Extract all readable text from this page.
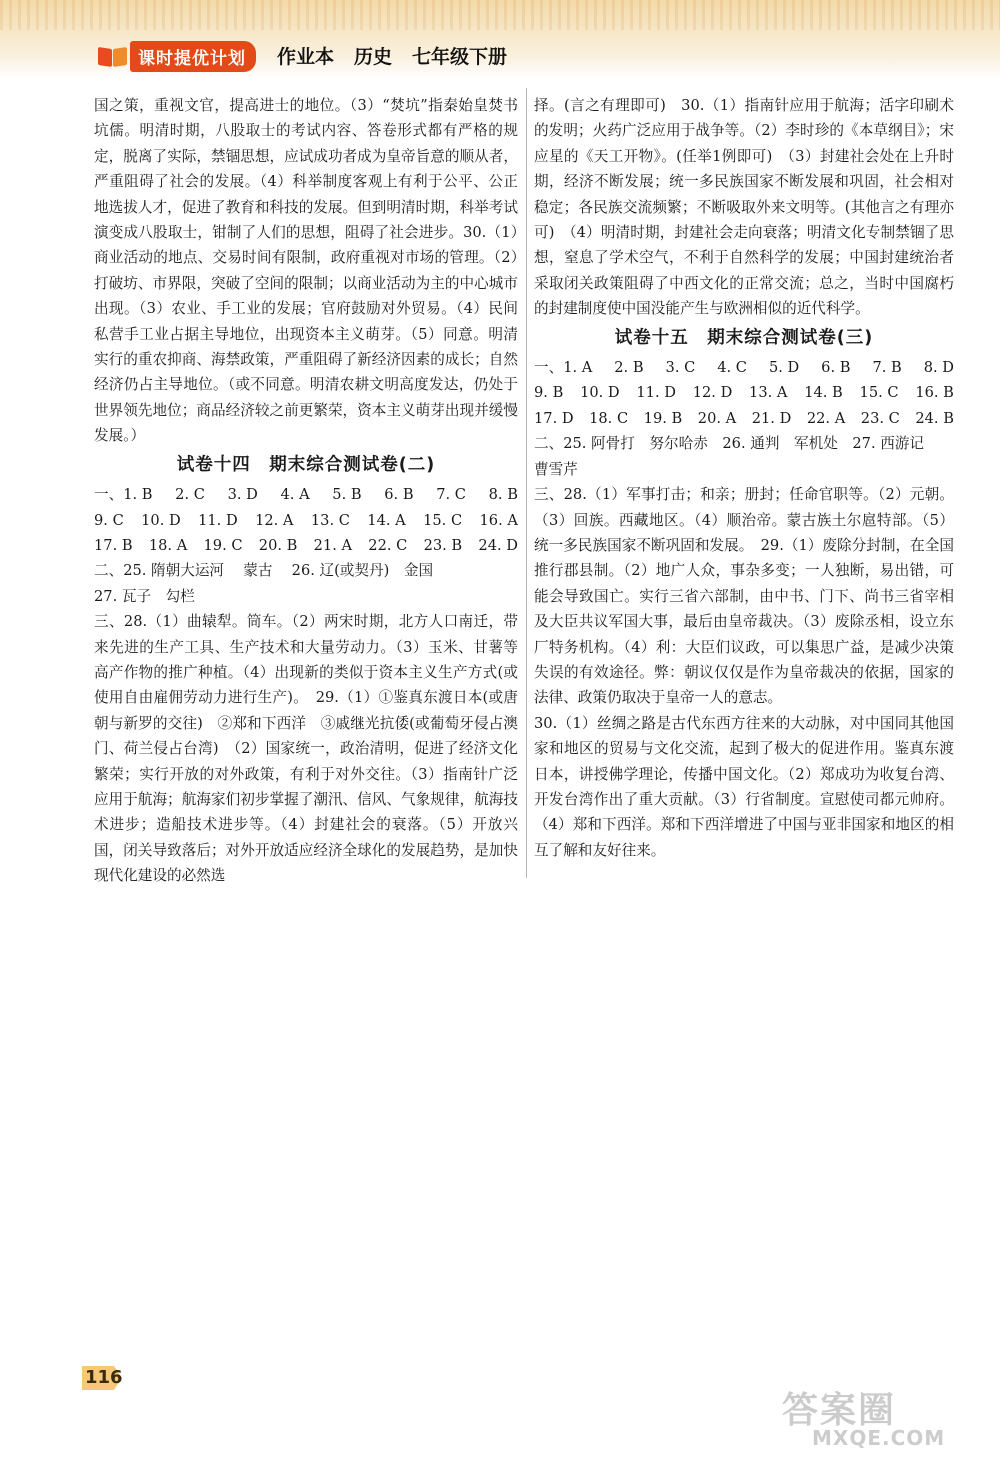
课时提优计划	作业本 历史 七年级下册

国之策，重视文官，提高进士的地位。（3）“焚坑”指秦始皇焚书坑儒。明清时期，八股取士的考试内容、答卷形式都有严格的规定，脱离了实际，禁锢思想，应试成功者成为皇帝旨意的顺从者，严重阻碍了社会的发展。（4）科举制度客观上有利于公平、公正地选拔人才，促进了教育和科技的发展。但到明清时期，科举考试演变成八股取士，钳制了人们的思想，阻碍了社会进步。30.（1）商业活动的地点、交易时间有限制，政府重视对市场的管理。（2）打破坊、市界限，突破了空间的限制；以商业活动为主的中心城市出现。（3）农业、手工业的发展；官府鼓励对外贸易。（4）民间私营手工业占据主导地位，出现资本主义萌芽。（5）同意。明清实行的重农抑商、海禁政策，严重阻碍了新经济因素的成长；自然经济仍占主导地位。（或不同意。明清农耕文明高度发达，仍处于世界领先地位；商品经济较之前更繁荣，资本主义萌芽出现并缓慢发展。）

试卷十四　期末综合测试卷(二)
一、1. B 2. C 3. D 4. A 5. B 6. B 7. C 8. B
9. C 10. D 11. D 12. A 13. C 14. A 15. C 16. A
17. B 18. A 19. C 20. B 21. A 22. C 23. B 24. D
二、25. 隋朝大运河　 蒙古　 26. 辽(或契丹)　金国
27. 瓦子　勾栏

三、28.（1）曲辕犁。筒车。（2）两宋时期，北方人口南迁，带来先进的生产工具、生产技术和大量劳动力。（3）玉米、甘薯等高产作物的推广种植。（4）出现新的类似于资本主义生产方式(或使用自由雇佣劳动力进行生产)。　29.（1）①鉴真东渡日本(或唐朝与新罗的交往)　②郑和下西洋　③戚继光抗倭(或葡萄牙侵占澳门、荷兰侵占台湾)　（2）国家统一，政治清明，促进了经济文化繁荣；实行开放的对外政策，有利于对外交往。（3）指南针广泛应用于航海；航海家们初步掌握了潮汛、信风、气象规律，航海技术进步；造船技术进步等。（4）封建社会的衰落。（5）开放兴国，闭关导致落后；对外开放适应经济全球化的发展趋势，是加快现代化建设的必然选

择。(言之有理即可)　30.（1）指南针应用于航海；活字印刷术的发明；火药广泛应用于战争等。（2）李时珍的《本草纲目》；宋应星的《天工开物》。(任举1例即可)　（3）封建社会处在上升时期，经济不断发展；统一多民族国家不断发展和巩固，社会相对稳定；各民族交流频繁；不断吸取外来文明等。(其他言之有理亦可)　（4）明清时期，封建社会走向衰落；明清文化专制禁锢了思想，窒息了学术空气，不利于自然科学的发展；中国封建统治者采取闭关政策阻碍了中西文化的正常交流；总之，当时中国腐朽的封建制度使中国没能产生与欧洲相似的近代科学。

试卷十五　期末综合测试卷(三)
一、1. A 2. B 3. C 4. C 5. D 6. B 7. B 8. D
9. B 10. D 11. D 12. D 13. A 14. B 15. C 16. B
17. D 18. C 19. B 20. A 21. D 22. A 23. C 24. B
二、25. 阿骨打　努尔哈赤　26. 通判　军机处　27. 西游记
曹雪芹

三、28.（1）军事打击；和亲；册封；任命官职等。（2）元朝。（3）回族。西藏地区。（4）顺治帝。蒙古族土尔扈特部。（5）统一多民族国家不断巩固和发展。　29.（1）废除分封制，在全国推行郡县制。（2）地广人众，事杂多变；一人独断，易出错，可能会导致国亡。实行三省六部制，由中书、门下、尚书三省宰相及大臣共议军国大事，最后由皇帝裁决。（3）废除丞相，设立东厂特务机构。（4）利：大臣们议政，可以集思广益，是减少决策失误的有效途径。弊：朝议仅仅是作为皇帝裁决的依据，国家的法律、政策仍取决于皇帝一人的意志。

30.（1）丝绸之路是古代东西方往来的大动脉，对中国同其他国家和地区的贸易与文化交流，起到了极大的促进作用。鉴真东渡日本，讲授佛学理论，传播中国文化。（2）郑成功为收复台湾、开发台湾作出了重大贡献。（3）行省制度。宣慰使司都元帅府。（4）郑和下西洋。郑和下西洋增进了中国与亚非国家和地区的相互了解和友好往来。

116
答案圈
MXQE.COM
